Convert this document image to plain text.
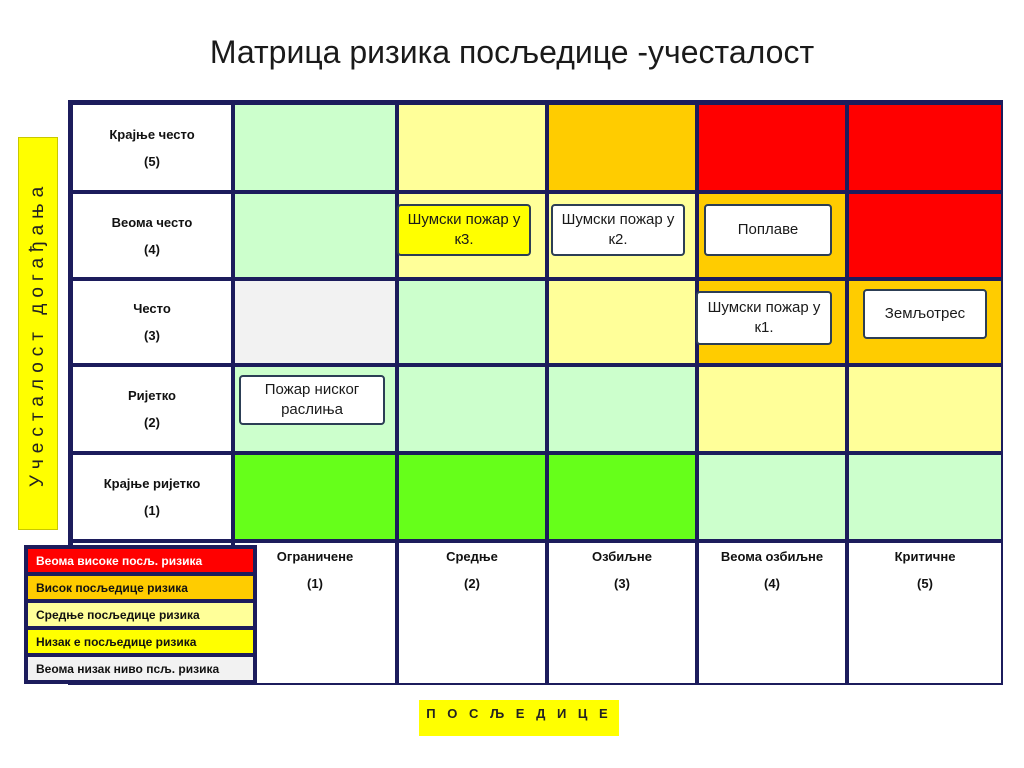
Матрица ризика посљедице -учесталост
Учесталост догађања
Крајње често
(5)
Веома често
(4)
Често
(3)
Ријетко
(2)
Крајње ријетко
(1)
Ограничене
(1)
Средње
(2)
Озбиљне
(3)
Веома озбиљне
(4)
Критичне
(5)
Шумски пожар у к3.
Шумски пожар у к2.
Поплаве
Шумски пожар у к1.
Земљотрес
Пожар ниског раслиња
Веома високе посљ. ризика
Висок посљедице ризика
Средње посљедице ризика
Низак е посљедице ризика
Веома низак ниво псљ. ризика
П О С Љ Е Д И Ц Е
